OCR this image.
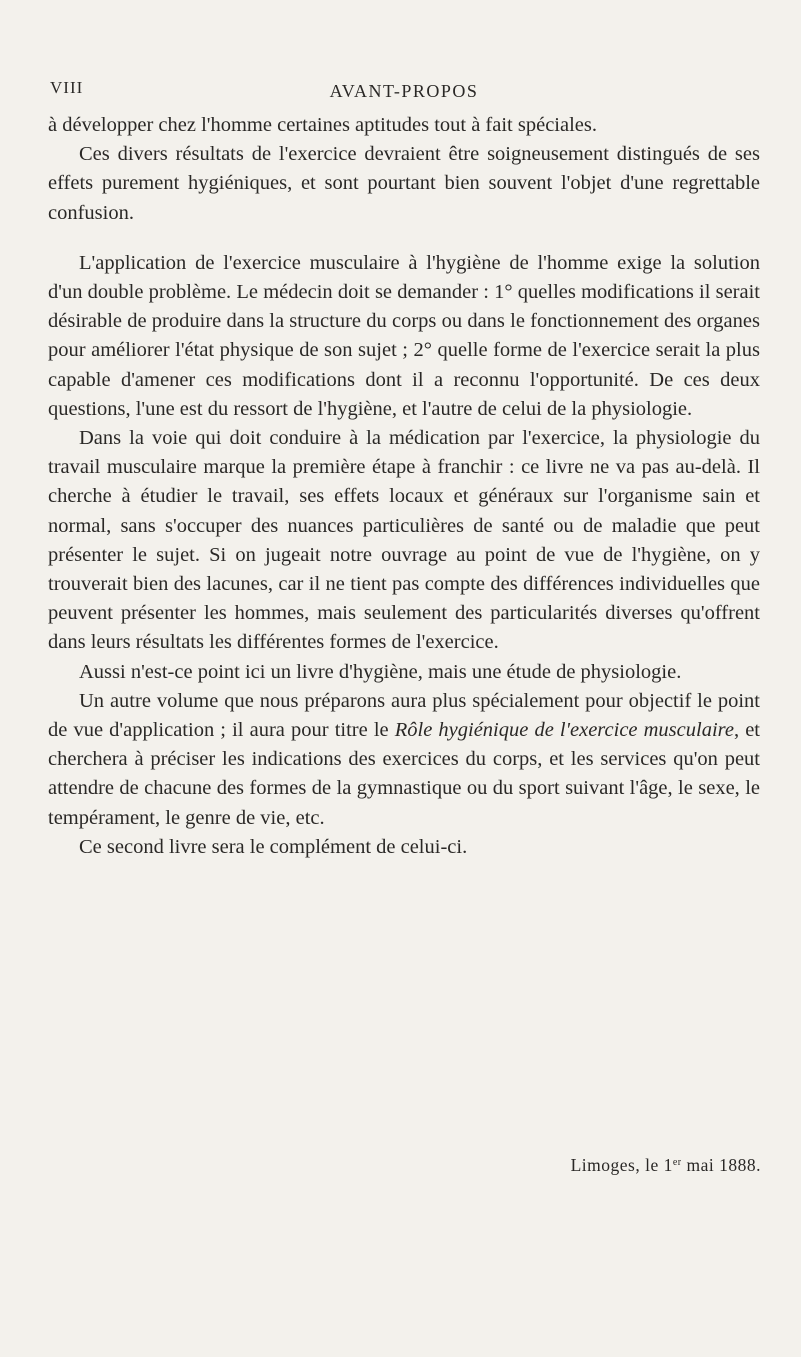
VIII	AVANT-PROPOS

à développer chez l'homme certaines aptitudes tout à fait spéciales.

Ces divers résultats de l'exercice devraient être soigneusement distingués de ses effets purement hygiéniques, et sont pourtant bien souvent l'objet d'une regrettable confusion.

L'application de l'exercice musculaire à l'hygiène de l'homme exige la solution d'un double problème. Le médecin doit se demander : 1° quelles modifications il serait désirable de produire dans la structure du corps ou dans le fonctionnement des organes pour améliorer l'état physique de son sujet ; 2° quelle forme de l'exercice serait la plus capable d'amener ces modifications dont il a reconnu l'opportunité. De ces deux questions, l'une est du ressort de l'hygiène, et l'autre de celui de la physiologie.

Dans la voie qui doit conduire à la médication par l'exercice, la physiologie du travail musculaire marque la première étape à franchir : ce livre ne va pas au-delà. Il cherche à étudier le travail, ses effets locaux et généraux sur l'organisme sain et normal, sans s'occuper des nuances particulières de santé ou de maladie que peut présenter le sujet. Si on jugeait notre ouvrage au point de vue de l'hygiène, on y trouverait bien des lacunes, car il ne tient pas compte des différences individuelles que peuvent présenter les hommes, mais seulement des particularités diverses qu'offrent dans leurs résultats les différentes formes de l'exercice.

Aussi n'est-ce point ici un livre d'hygiène, mais une étude de physiologie.

Un autre volume que nous préparons aura plus spécialement pour objectif le point de vue d'application ; il aura pour titre le Rôle hygiénique de l'exercice musculaire, et cherchera à préciser les indications des exercices du corps, et les services qu'on peut attendre de chacune des formes de la gymnastique ou du sport suivant l'âge, le sexe, le tempérament, le genre de vie, etc.

Ce second livre sera le complément de celui-ci.

Limoges, le 1er mai 1888.
